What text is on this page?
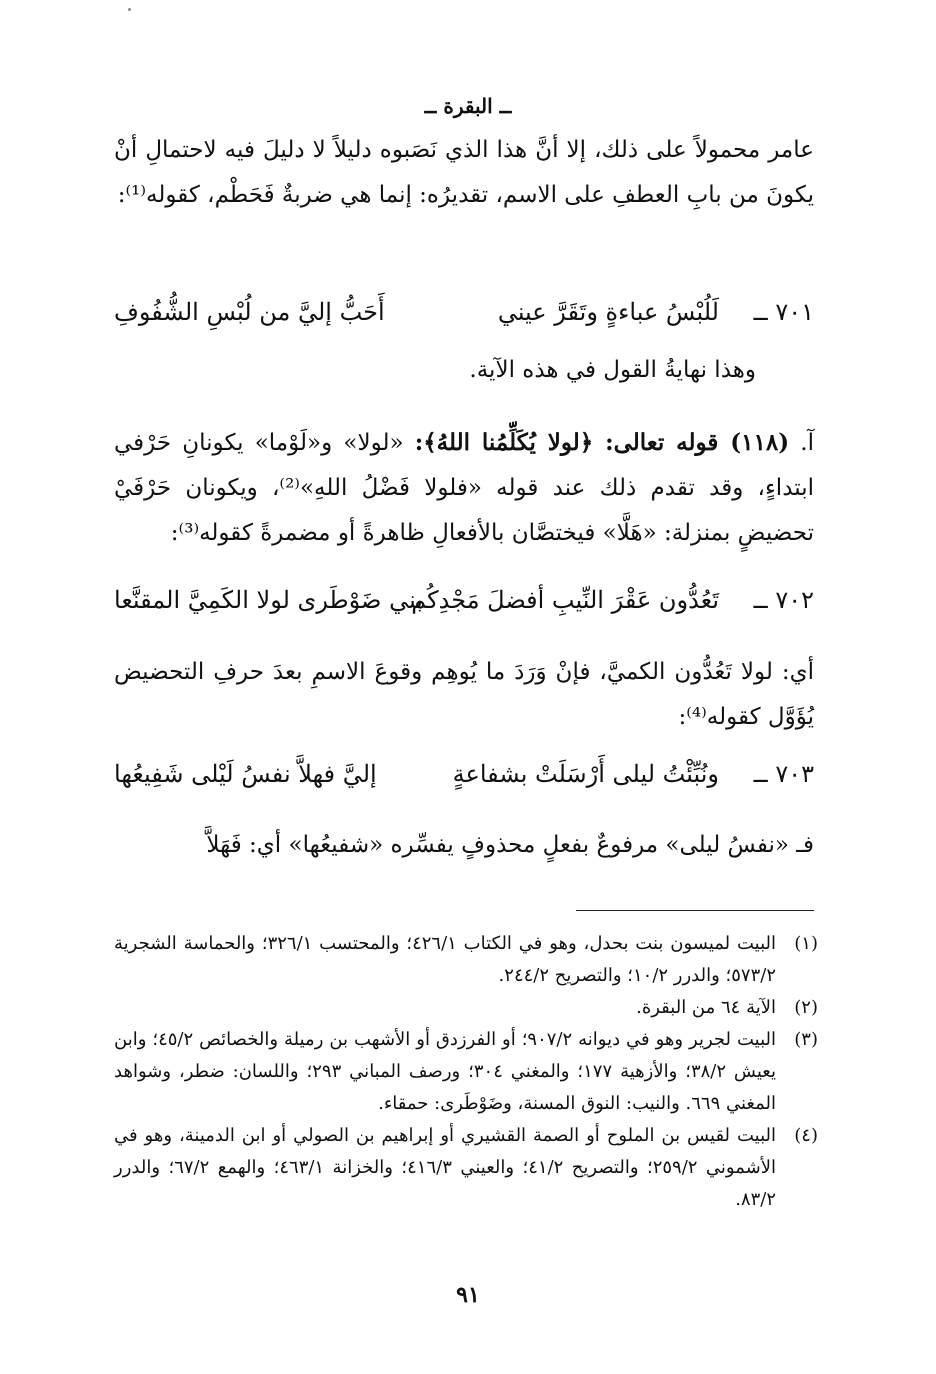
ــ البقرة ــ
عامر محمولاً على ذلك، إلا أنَّ هذا الذي نَصَبوه دليلاً لا دليلَ فيه لاحتمالِ أنْ يكونَ من بابِ العطفِ على الاسم، تقديرُه: إنما هي ضربةٌ فَحَطْم، كقوله⁽¹⁾:
٧٠١ ــ
لَلُبْسُ عباءةٍ وتَقَرَّ عيني
أَحَبُّ إليَّ من لُبْسِ الشُّفُوفِ
وهذا نهايةُ القول في هذه الآية.
آ. (١١٨) قوله تعالى: ﴿لولا يُكَلِّمُنا اللهُ﴾: «لولا» و«لَوْما» يكونانِ حَرْفي ابتداءٍ، وقد تقدم ذلك عند قوله «فلولا فَضْلُ اللهِ»⁽²⁾، ويكونان حَرْفَيْ تحضيضٍ بمنزلة: «هَلَّا» فيختصَّان بالأفعالِ ظاهرةً أو مضمرةً كقوله⁽³⁾:
٧٠٢ ــ
تَعُدُّون عَقْرَ النِّيبِ أفضلَ مَجْدِكُم
بني ضَوْطَرى لولا الكَمِيَّ المقنَّعا
أي: لولا تَعُدُّون الكميَّ، فإنْ وَرَدَ ما يُوهِم وقوعَ الاسمِ بعدَ حرفِ التحضيض يُؤَوَّل كقوله⁽⁴⁾:
٧٠٣ ــ
ونُبِّئْتُ ليلى أَرْسَلَتْ بشفاعةٍ
إليَّ فهلاَّ نفسُ لَيْلى شَفِيعُها
فـ «نفسُ ليلى» مرفوعٌ بفعلٍ محذوفٍ يفسِّره «شفيعُها» أي: فَهَلاَّ
(١)
البيت لميسون بنت بحدل، وهو في الكتاب ٤٢٦/١؛ والمحتسب ٣٢٦/١؛ والحماسة الشجرية ٥٧٣/٢؛ والدرر ١٠/٢؛ والتصريح ٢٤٤/٢.
(٢)
الآية ٦٤ من البقرة.
(٣)
البيت لجرير وهو في ديوانه ٩٠٧/٢؛ أو الفرزدق أو الأشهب بن رميلة والخصائص ٤٥/٢؛ وابن يعيش ٣٨/٢؛ والأزهية ١٧٧؛ والمغني ٣٠٤؛ ورصف المباني ٢٩٣؛ واللسان: ضطر، وشواهد المغني ٦٦٩. والنيب: النوق المسنة، وضَوْطَرى: حمقاء.
(٤)
البيت لقيس بن الملوح أو الصمة القشيري أو إبراهيم بن الصولي أو ابن الدمينة، وهو في الأشموني ٢٥٩/٢؛ والتصريح ٤١/٢؛ والعيني ٤١٦/٣؛ والخزانة ٤٦٣/١؛ والهمع ٦٧/٢؛ والدرر ٨٣/٢.
٩١
